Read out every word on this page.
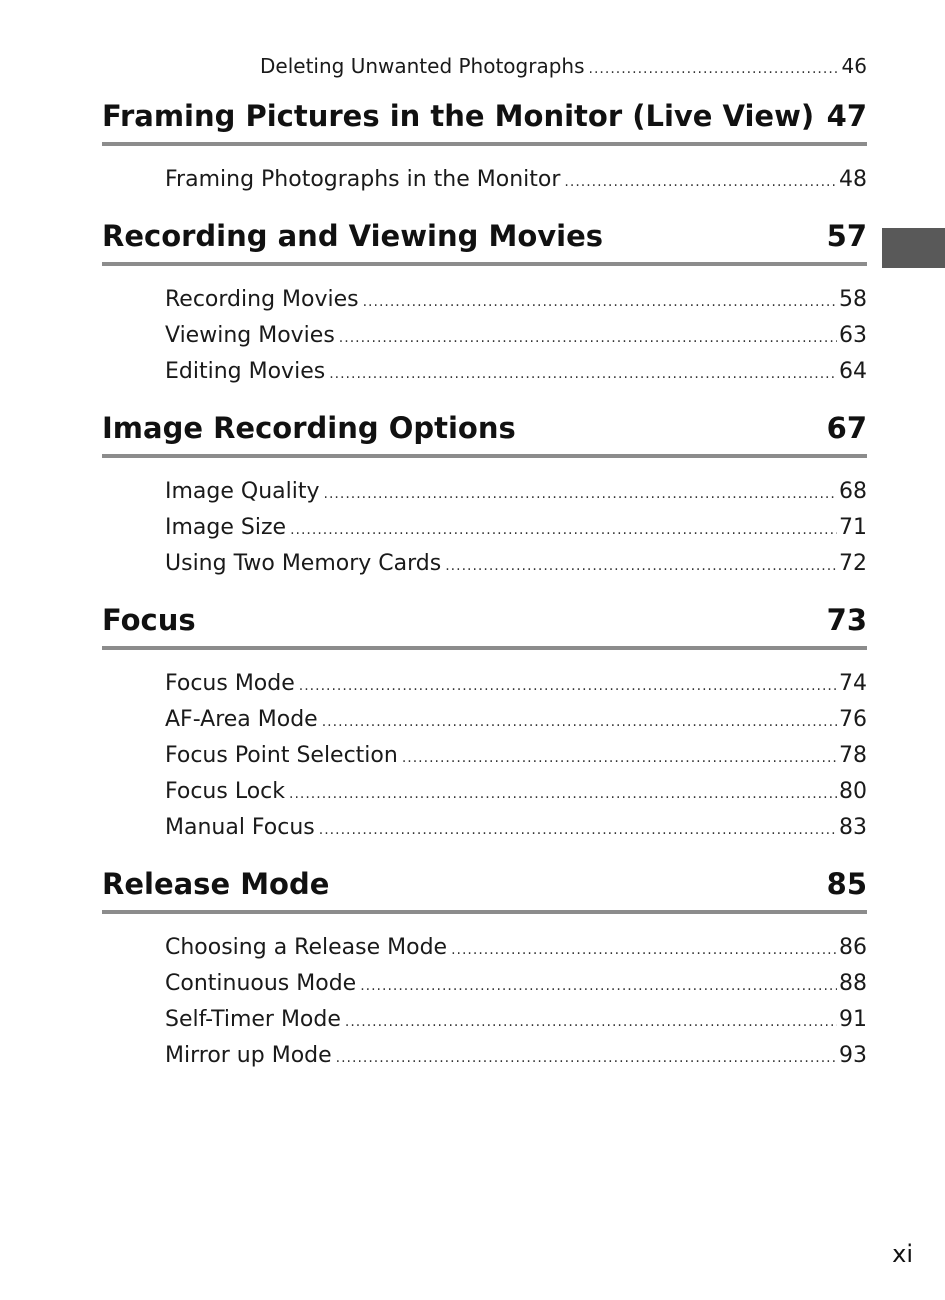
Deleting Unwanted Photographs .....	46
Framing Pictures in the Monitor (Live View) 47
Framing Photographs in the Monitor .....	48
Recording and Viewing Movies	57
Recording Movies .....	58
Viewing Movies .....	63
Editing Movies .....	64
Image Recording Options	67
Image Quality .....	68
Image Size .....	71
Using Two Memory Cards .....	72
Focus	73
Focus Mode .....	74
AF-Area Mode .....	76
Focus Point Selection .....	78
Focus Lock .....	80
Manual Focus .....	83
Release Mode	85
Choosing a Release Mode .....	86
Continuous Mode .....	88
Self-Timer Mode .....	91
Mirror up Mode .....	93
xi
